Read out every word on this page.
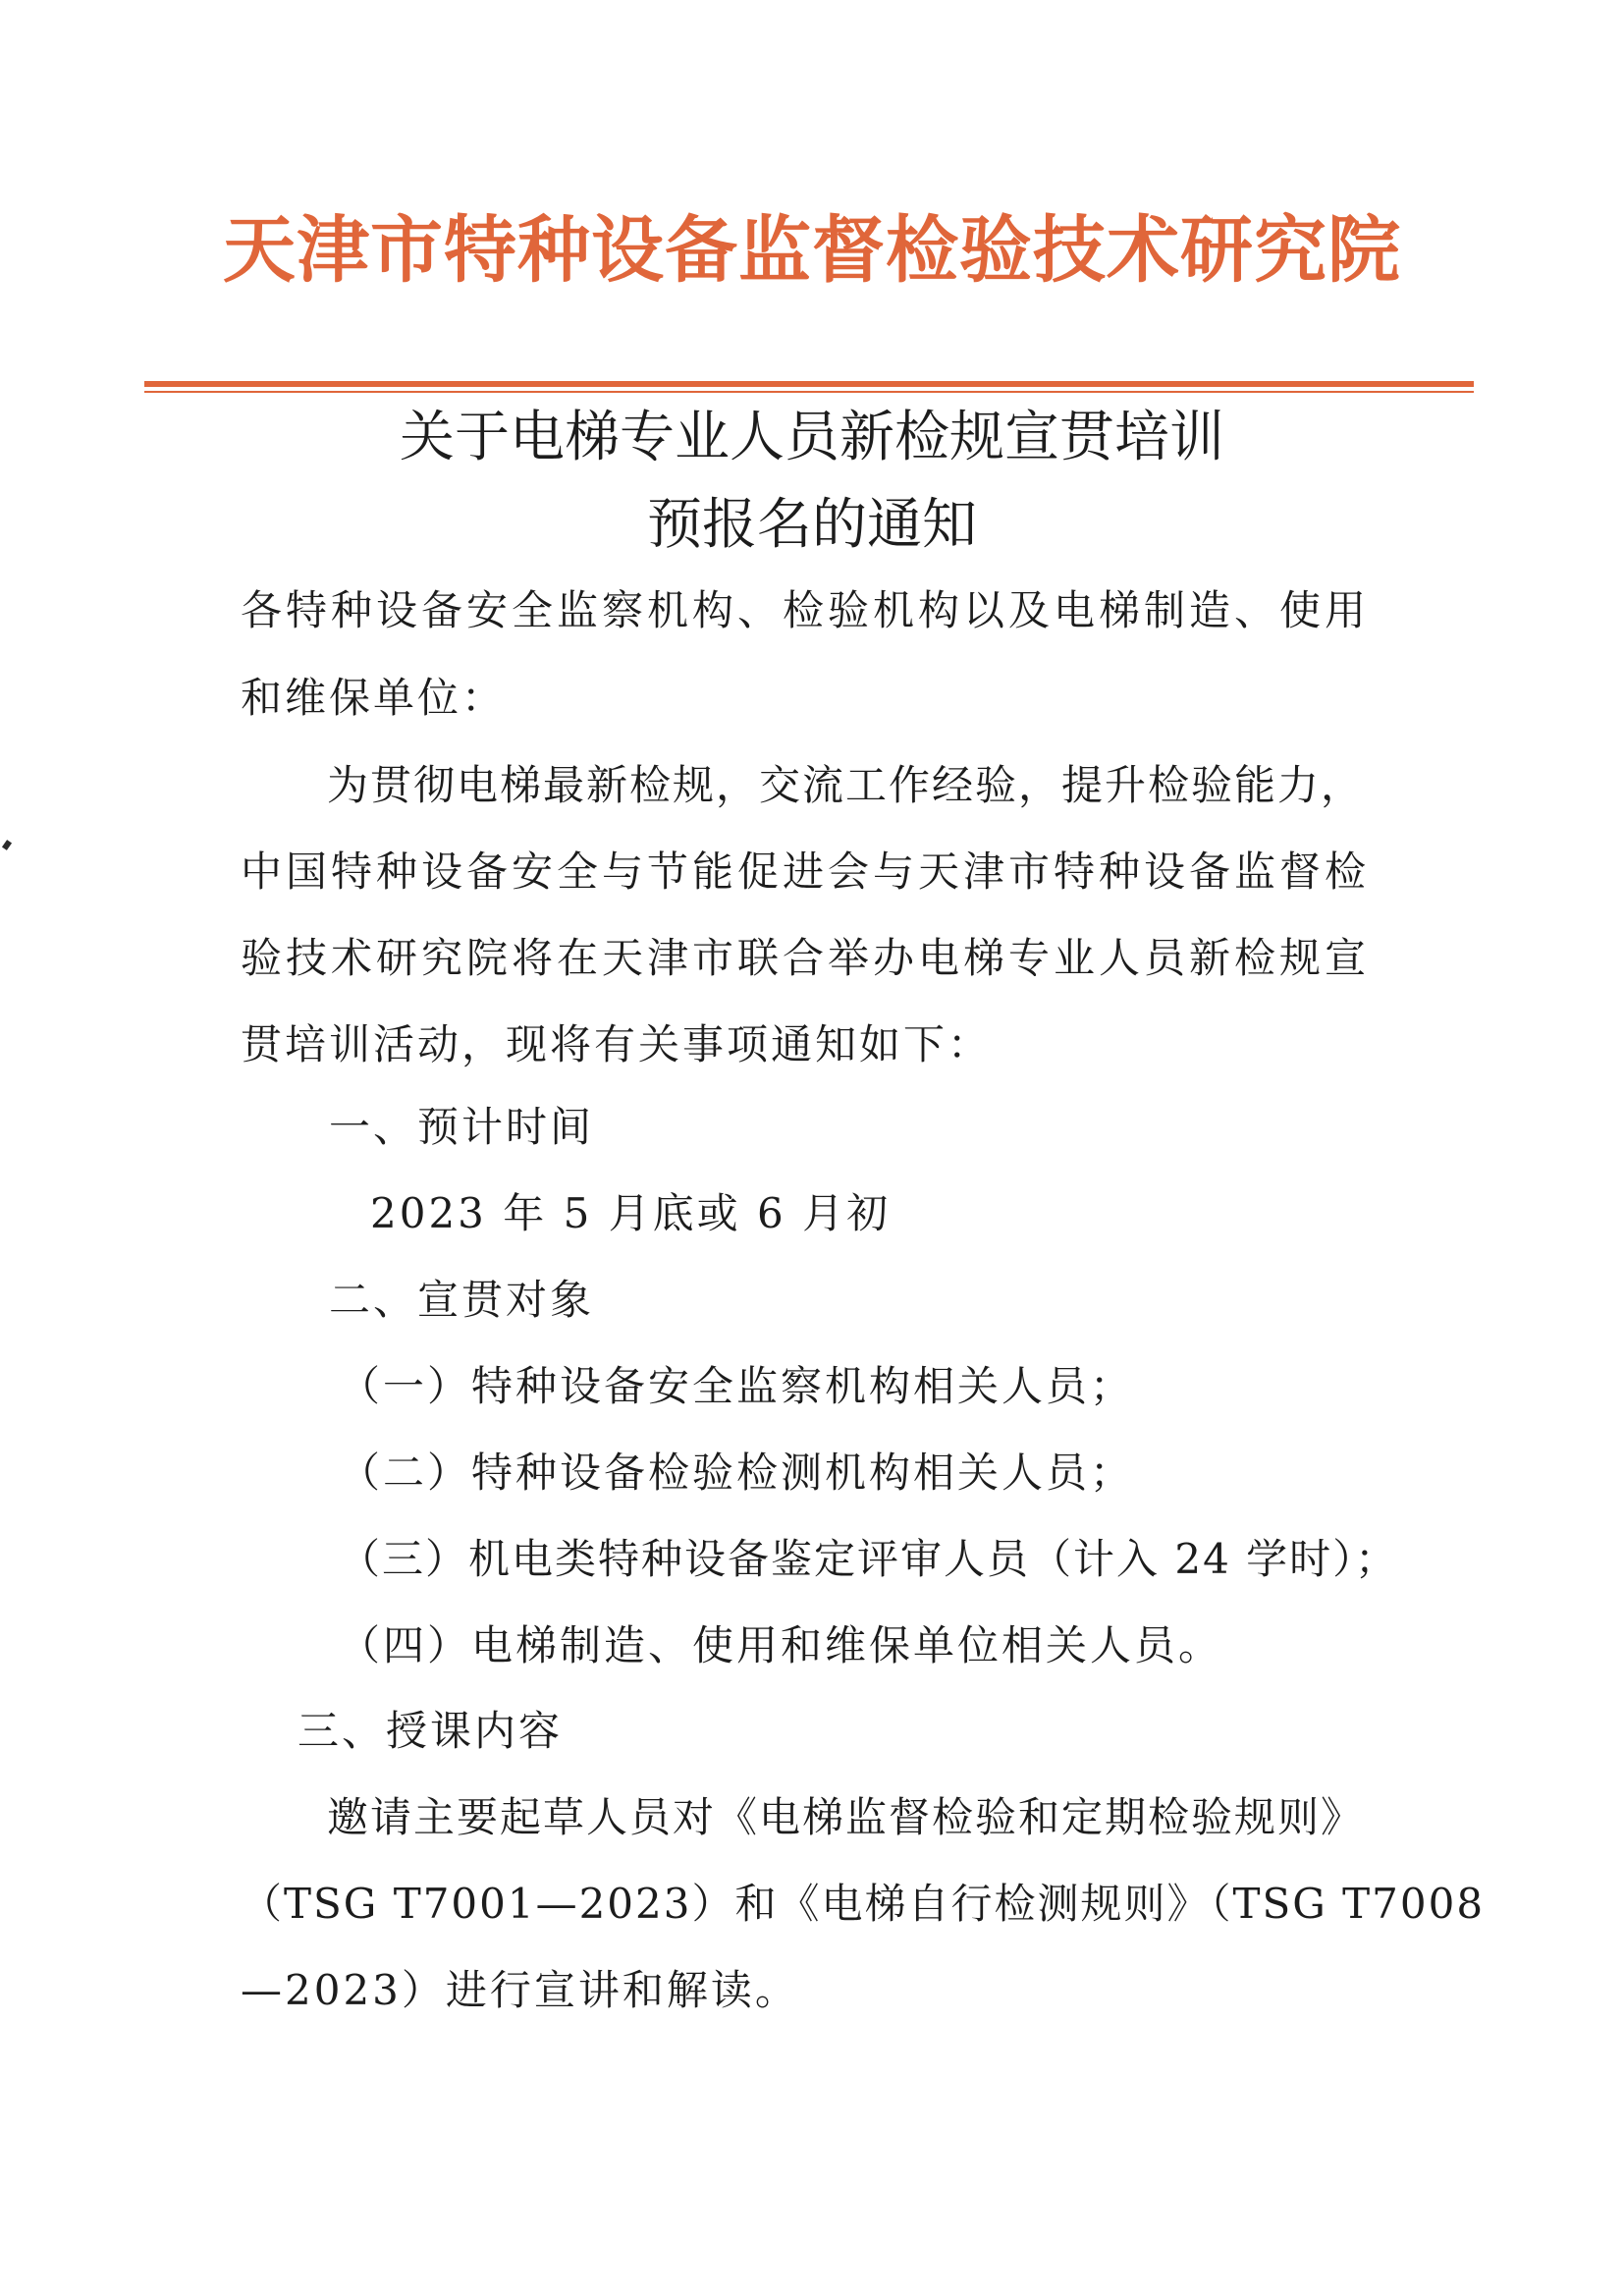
天津市特种设备监督检验技术研究院
关于电梯专业人员新检规宣贯培训
预报名的通知
各特种设备安全监察机构、检验机构以及电梯制造、使用
和维保单位：
为贯彻电梯最新检规，交流工作经验，提升检验能力，
中国特种设备安全与节能促进会与天津市特种设备监督检
验技术研究院将在天津市联合举办电梯专业人员新检规宣
贯培训活动，现将有关事项通知如下：
一、预计时间
2023 年 5 月底或 6 月初
二、宣贯对象
（一）特种设备安全监察机构相关人员；
（二）特种设备检验检测机构相关人员；
（三）机电类特种设备鉴定评审人员（计入 24 学时）；
（四）电梯制造、使用和维保单位相关人员。
三、授课内容
邀请主要起草人员对《电梯监督检验和定期检验规则》
（TSG T7001—2023）和《电梯自行检测规则》（TSG T7008
—2023）进行宣讲和解读。
